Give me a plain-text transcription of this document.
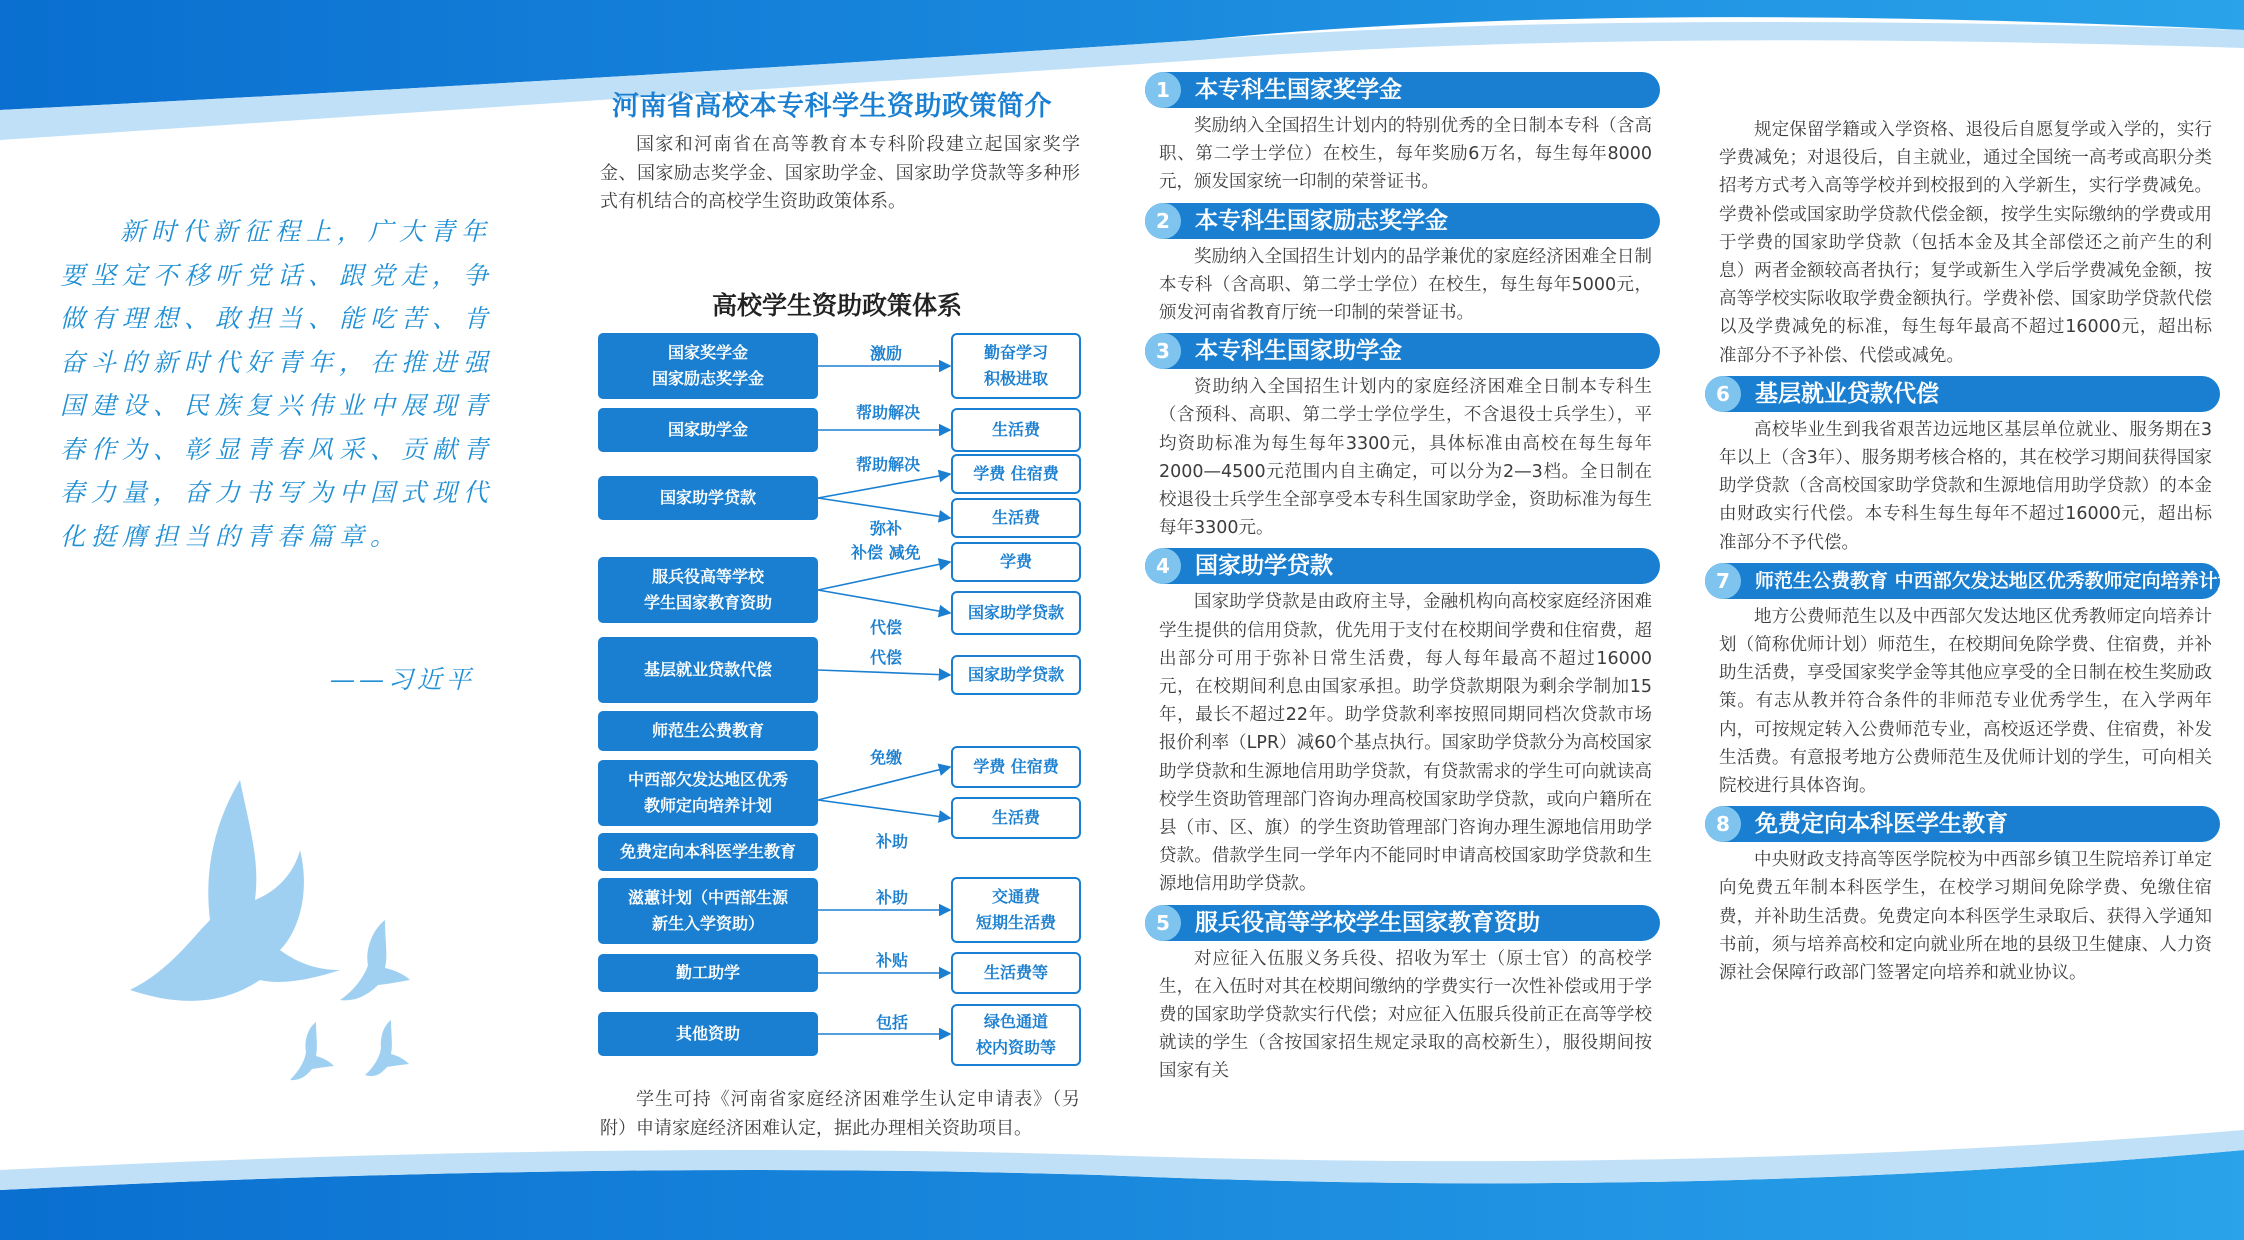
新时代新征程上，广大青年要坚定不移听党话、跟党走，争做有理想、敢担当、能吃苦、肯奋斗的新时代好青年，在推进强国建设、民族复兴伟业中展现青春作为、彰显青春风采、贡献青春力量，奋力书写为中国式现代化挺膺担当的青春篇章。

——习近平
河南省高校本专科学生资助政策简介

国家和河南省在高等教育本专科阶段建立起国家奖学金、国家励志奖学金、国家助学金、国家助学贷款等多种形式有机结合的高校学生资助政策体系。

高校学生资助政策体系
国家奖学金
国家励志奖学金
国家助学金
国家助学贷款
服兵役高等学校
学生国家教育资助
基层就业贷款代偿
师范生公费教育
中西部欠发达地区优秀
教师定向培养计划
免费定向本科医学生教育
滋蕙计划（中西部生源
新生入学资助）
勤工助学
其他资助
勤奋学习
积极进取
生活费
学费 住宿费
生活费
学费
国家助学贷款
国家助学贷款
学费 住宿费
生活费
交通费
短期生活费
生活费等
绿色通道
校内资助等
激励
帮助解决
帮助解决
弥补
补偿 减免
代偿
代偿
免缴
补助
补助
补贴
包括

学生可持《河南省家庭经济困难学生认定申请表》（另附）申请家庭经济困难认定，据此办理相关资助项目。

1	本专科生国家奖学金

奖励纳入全国招生计划内的特别优秀的全日制本专科（含高职、第二学士学位）在校生，每年奖励6万名，每生每年8000元，颁发国家统一印制的荣誉证书。

2	本专科生国家励志奖学金

奖励纳入全国招生计划内的品学兼优的家庭经济困难全日制本专科（含高职、第二学士学位）在校生，每生每年5000元，颁发河南省教育厅统一印制的荣誉证书。

3	本专科生国家助学金

资助纳入全国招生计划内的家庭经济困难全日制本专科生（含预科、高职、第二学士学位学生，不含退役士兵学生），平均资助标准为每生每年3300元，具体标准由高校在每生每年2000—4500元范围内自主确定，可以分为2—3档。全日制在校退役士兵学生全部享受本专科生国家助学金，资助标准为每生每年3300元。

4	国家助学贷款

国家助学贷款是由政府主导，金融机构向高校家庭经济困难学生提供的信用贷款，优先用于支付在校期间学费和住宿费，超出部分可用于弥补日常生活费，每人每年最高不超过16000元，在校期间利息由国家承担。助学贷款期限为剩余学制加15年，最长不超过22年。助学贷款利率按照同期同档次贷款市场报价利率（LPR）减60个基点执行。国家助学贷款分为高校国家助学贷款和生源地信用助学贷款，有贷款需求的学生可向就读高校学生资助管理部门咨询办理高校国家助学贷款，或向户籍所在县（市、区、旗）的学生资助管理部门咨询办理生源地信用助学贷款。借款学生同一学年内不能同时申请高校国家助学贷款和生源地信用助学贷款。

5	服兵役高等学校学生国家教育资助

对应征入伍服义务兵役、招收为军士（原士官）的高校学生，在入伍时对其在校期间缴纳的学费实行一次性补偿或用于学费的国家助学贷款实行代偿；对应征入伍服兵役前正在高等学校就读的学生（含按国家招生规定录取的高校新生），服役期间按国家有关

规定保留学籍或入学资格、退役后自愿复学或入学的，实行学费减免；对退役后，自主就业，通过全国统一高考或高职分类招考方式考入高等学校并到校报到的入学新生，实行学费减免。学费补偿或国家助学贷款代偿金额，按学生实际缴纳的学费或用于学费的国家助学贷款（包括本金及其全部偿还之前产生的利息）两者金额较高者执行；复学或新生入学后学费减免金额，按高等学校实际收取学费金额执行。学费补偿、国家助学贷款代偿以及学费减免的标准，每生每年最高不超过16000元，超出标准部分不予补偿、代偿或减免。

6	基层就业贷款代偿

高校毕业生到我省艰苦边远地区基层单位就业、服务期在3年以上（含3年）、服务期考核合格的，其在校学习期间获得国家助学贷款（含高校国家助学贷款和生源地信用助学贷款）的本金由财政实行代偿。本专科生每生每年不超过16000元，超出标准部分不予代偿。

7	师范生公费教育 中西部欠发达地区优秀教师定向培养计划

地方公费师范生以及中西部欠发达地区优秀教师定向培养计划（简称优师计划）师范生，在校期间免除学费、住宿费，并补助生活费，享受国家奖学金等其他应享受的全日制在校生奖励政策。有志从教并符合条件的非师范专业优秀学生，在入学两年内，可按规定转入公费师范专业，高校返还学费、住宿费，补发生活费。有意报考地方公费师范生及优师计划的学生，可向相关院校进行具体咨询。

8	免费定向本科医学生教育

中央财政支持高等医学院校为中西部乡镇卫生院培养订单定向免费五年制本科医学生，在校学习期间免除学费、免缴住宿费，并补助生活费。免费定向本科医学生录取后、获得入学通知书前，须与培养高校和定向就业所在地的县级卫生健康、人力资源社会保障行政部门签署定向培养和就业协议。
